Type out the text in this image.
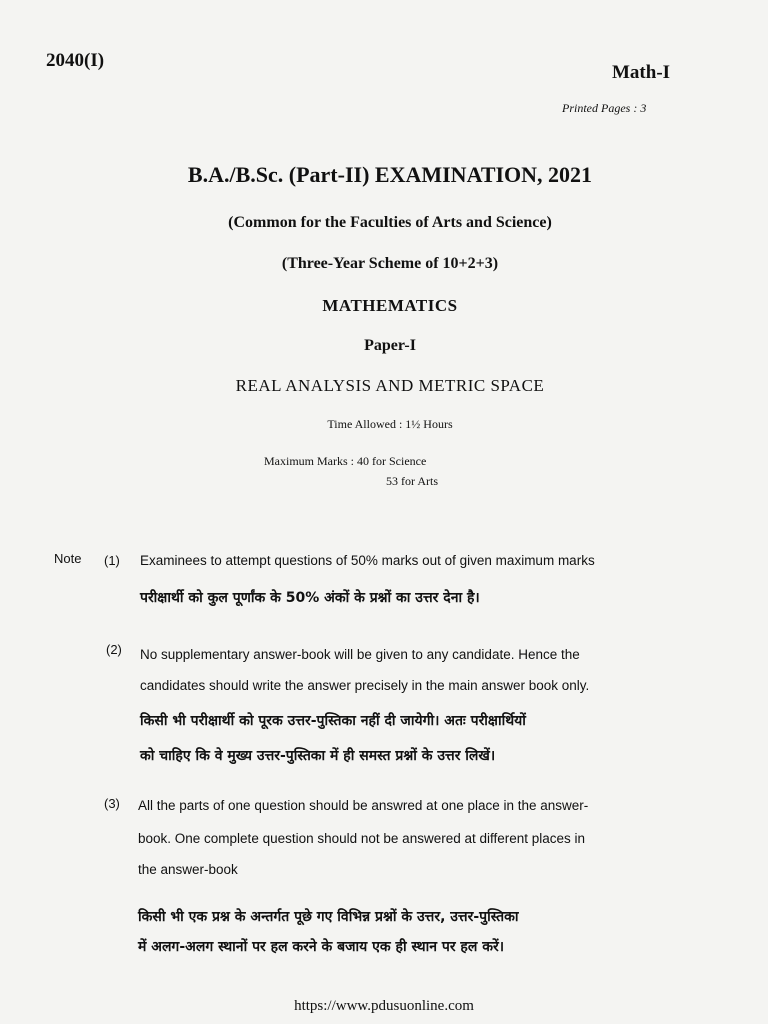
2040(I)
Math-I
Printed Pages : 3
B.A./B.Sc. (Part-II) EXAMINATION, 2021
(Common for the Faculties of Arts and Science)
(Three-Year Scheme of 10+2+3)
MATHEMATICS
Paper-I
REAL ANALYSIS AND METRIC SPACE
Time Allowed : 1½ Hours
Maximum Marks : 40 for Science
53 for Arts
Note (1) Examinees to attempt questions of 50% marks out of given maximum marks
परीक्षार्थी को कुल पूर्णांक के 50% अंकों के प्रश्नों का उत्तर देना है।
(2) No supplementary answer-book will be given to any candidate. Hence the
candidates should write the answer precisely in the main answer book only.
किसी भी परीक्षार्थी को पूरक उत्तर-पुस्तिका नहीं दी जायेगी। अतः परीक्षार्थियों
को चाहिए कि वे मुख्य उत्तर-पुस्तिका में ही समस्त प्रश्नों के उत्तर लिखें।
(3) All the parts of one question should be answred at one place in the answer-
book. One complete question should not be answered at different places in
the answer-book
किसी भी एक प्रश्न के अन्तर्गत पूछे गए विभिन्न प्रश्नों के उत्तर, उत्तर-पुस्तिका
में अलग-अलग स्थानों पर हल करने के बजाय एक ही स्थान पर हल करें।
https://www.pdusuonline.com
